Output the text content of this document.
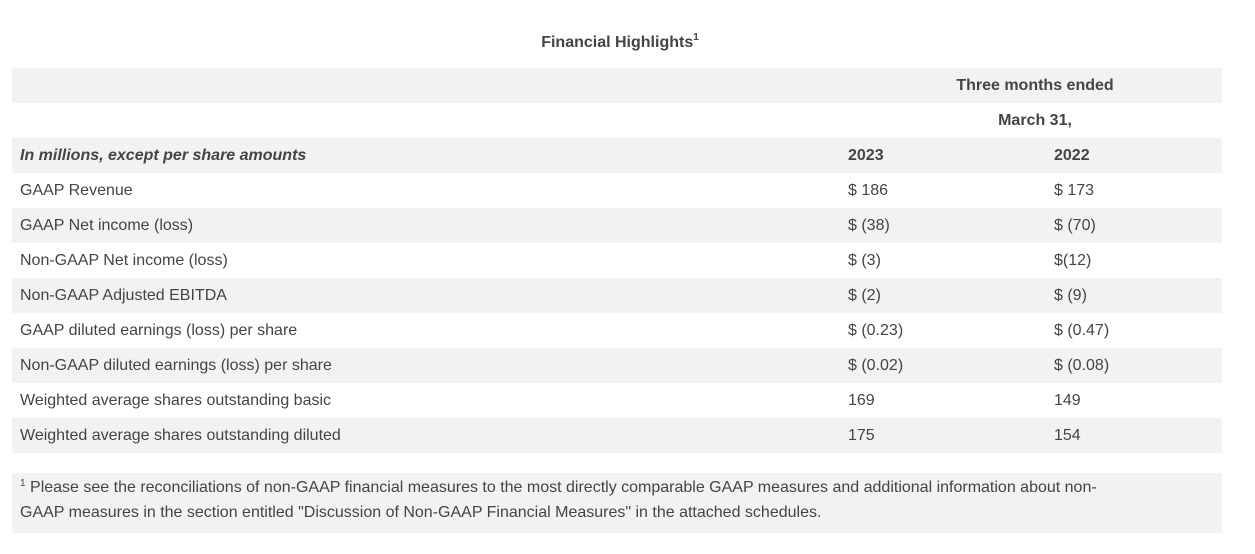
Financial Highlights$^1$
Three months ended
March 31,
In millions, except per share amounts	2023	2022
GAAP Revenue	$ 186	$ 173
GAAP Net income (loss)	$ (38)	$ (70)
Non-GAAP Net income (loss)	$ (3)	$(12)
Non-GAAP Adjusted EBITDA	$ (2)	$ (9)
GAAP diluted earnings (loss) per share	$ (0.23)	$ (0.47)
Non-GAAP diluted earnings (loss) per share	$ (0.02)	$ (0.08)
Weighted average shares outstanding basic	169	149
Weighted average shares outstanding diluted	175	154
$^1$ Please see the reconciliations of non-GAAP financial measures to the most directly comparable GAAP measures and additional information about non-GAAP measures in the section entitled "Discussion of Non-GAAP Financial Measures" in the attached schedules.
